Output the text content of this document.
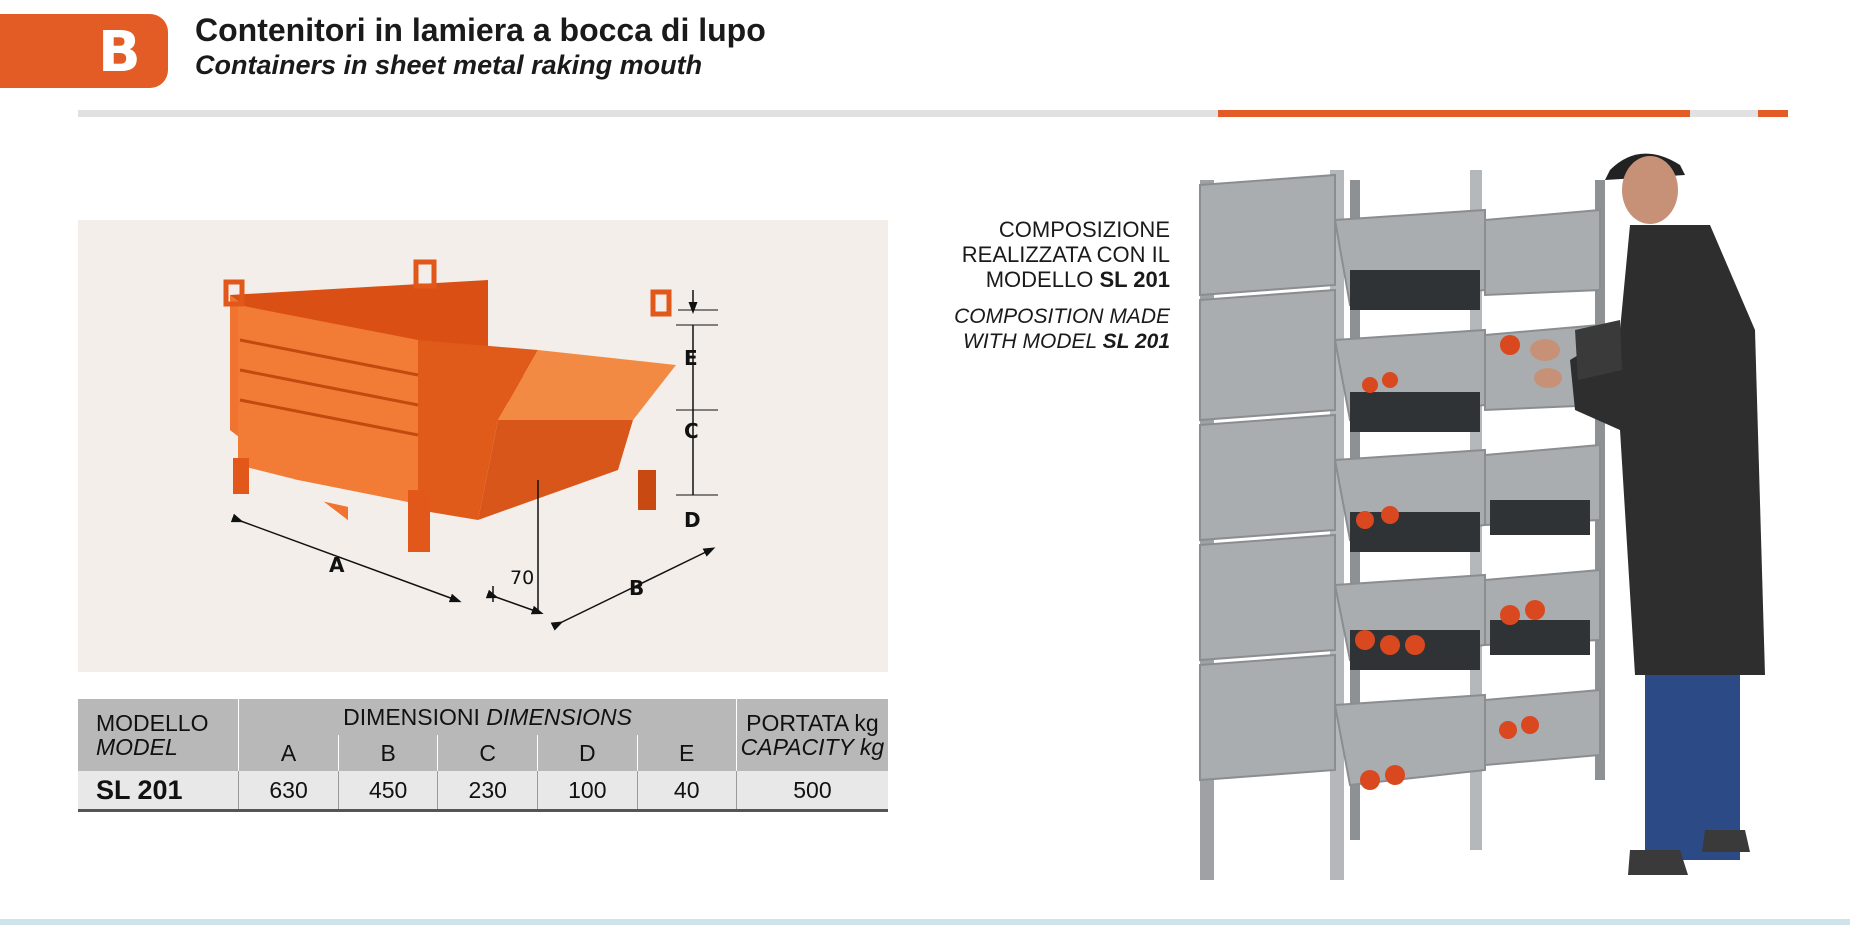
B Contenitori in lamiera a bocca di lupo
Containers in sheet metal raking mouth
A
B
C
D
E
70
MODELLO
MODEL	DIMENSIONI DIMENSIONS					PORTATA kg
CAPACITY kg
	A	B	C	D	E	
SL 201	630	450	230	100	40	500
COMPOSIZIONE
REALIZZATA CON IL
MODELLO SL 201
COMPOSITION MADE
WITH MODEL SL 201
